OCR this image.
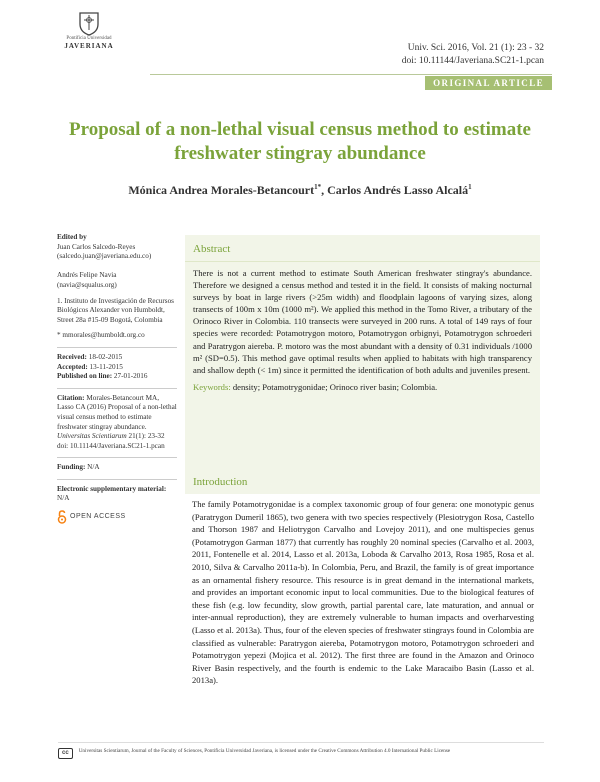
Pontificia Universidad
JAVERIANA	Univ. Sci. 2016, Vol. 21 (1): 23 - 32
doi: 10.11144/Javeriana.SC21-1.pcan
ORIGINAL ARTICLE
Proposal of a non-lethal visual census method to estimate freshwater stingray abundance
Mónica Andrea Morales-Betancourt$^{1*}$, Carlos Andrés Lasso Alcalá$^1$
Edited by
Juan Carlos Salcedo-Reyes
(salcedo.juan@javeriana.edu.co)

Andrés Felipe Navia
(navia@squalus.org)
1. Instituto de Investigación de Recursos Biológicos Alexander von Humboldt, Street 28a #15-09 Bogotá, Colombia
* mmorales@humboldt.org.co
Received: 18-02-2015
Accepted: 13-11-2015
Published on line: 27-01-2016
Citation: Morales-Betancourt MA, Lasso CA (2016) Proposal of a non-lethal visual census method to estimate freshwater stingray abundance. Universitas Scientiarum 21(1): 23-32
doi: 10.11144/Javeriana.SC21-1.pcan
Funding: N/A
Electronic supplementary material: N/A
OPEN ACCESS
Abstract
There is not a current method to estimate South American freshwater stingray's abundance. Therefore we designed a census method and tested it in the field. It consists of making nocturnal surveys by boat in large rivers (>25m width) and floodplain lagoons of varying sizes, along transects of 100m x 10m (1000 m²). We applied this method in the Tomo River, a tributary of the Orinoco River in Colombia. 110 transects were surveyed in 200 runs. A total of 149 rays of four species were recorded: Potamotrygon motoro, Potamotrygon orbignyi, Potamotrygon schroederi and Paratrygon aiereba. P. motoro was the most abundant with a density of 0.31 individuals /1000 m² (SD=0.5). This method gave optimal results when applied to habitats with high transparency and shallow depth (< 1m) since it permitted the identification of both adults and juveniles present.
Keywords: density; Potamotrygonidae; Orinoco river basin; Colombia.
Introduction
The family Potamotrygonidae is a complex taxonomic group of four genera: one monotypic genus (Paratrygon Dumeril 1865), two genera with two species respectively (Plesiotrygon Rosa, Castello and Thorson 1987 and Heliotrygon Carvalho and Lovejoy 2011), and one multispecies genus (Potamotrygon Garman 1877) that currently has roughly 20 nominal species (Carvalho et al. 2003, 2011, Fontenelle et al. 2014, Lasso et al. 2013a, Loboda & Carvalho 2013, Rosa 1985, Rosa et al. 2010, Silva & Carvalho 2011a-b). In Colombia, Peru, and Brazil, the family is of great importance as an ornamental fishery resource. This resource is in great demand in the international markets, and provides an important economic input to local communities. Due to the biological features of these fish (e.g. low fecundity, slow growth, partial parental care, late maturation, and annual or inter-annual reproduction), they are extremely vulnerable to human impacts and overharvesting (Lasso et al. 2013a). Thus, four of the eleven species of freshwater stingrays found in Colombia are classified as vulnerable: Paratrygon aiereba, Potamotrygon motoro, Potamotrygon schroederi and Potamotrygon yepezi (Mojica et al. 2012). The first three are found in the Amazon and Orinoco River Basin respectively, and the fourth is endemic to the Lake Maracaibo Basin (Lasso et al. 2013a).
cc	Universitas Scientiarum, Journal of the Faculty of Sciences, Pontificia Universidad Javeriana, is licensed under the Creative Commons Attribution 4.0 International Public License
